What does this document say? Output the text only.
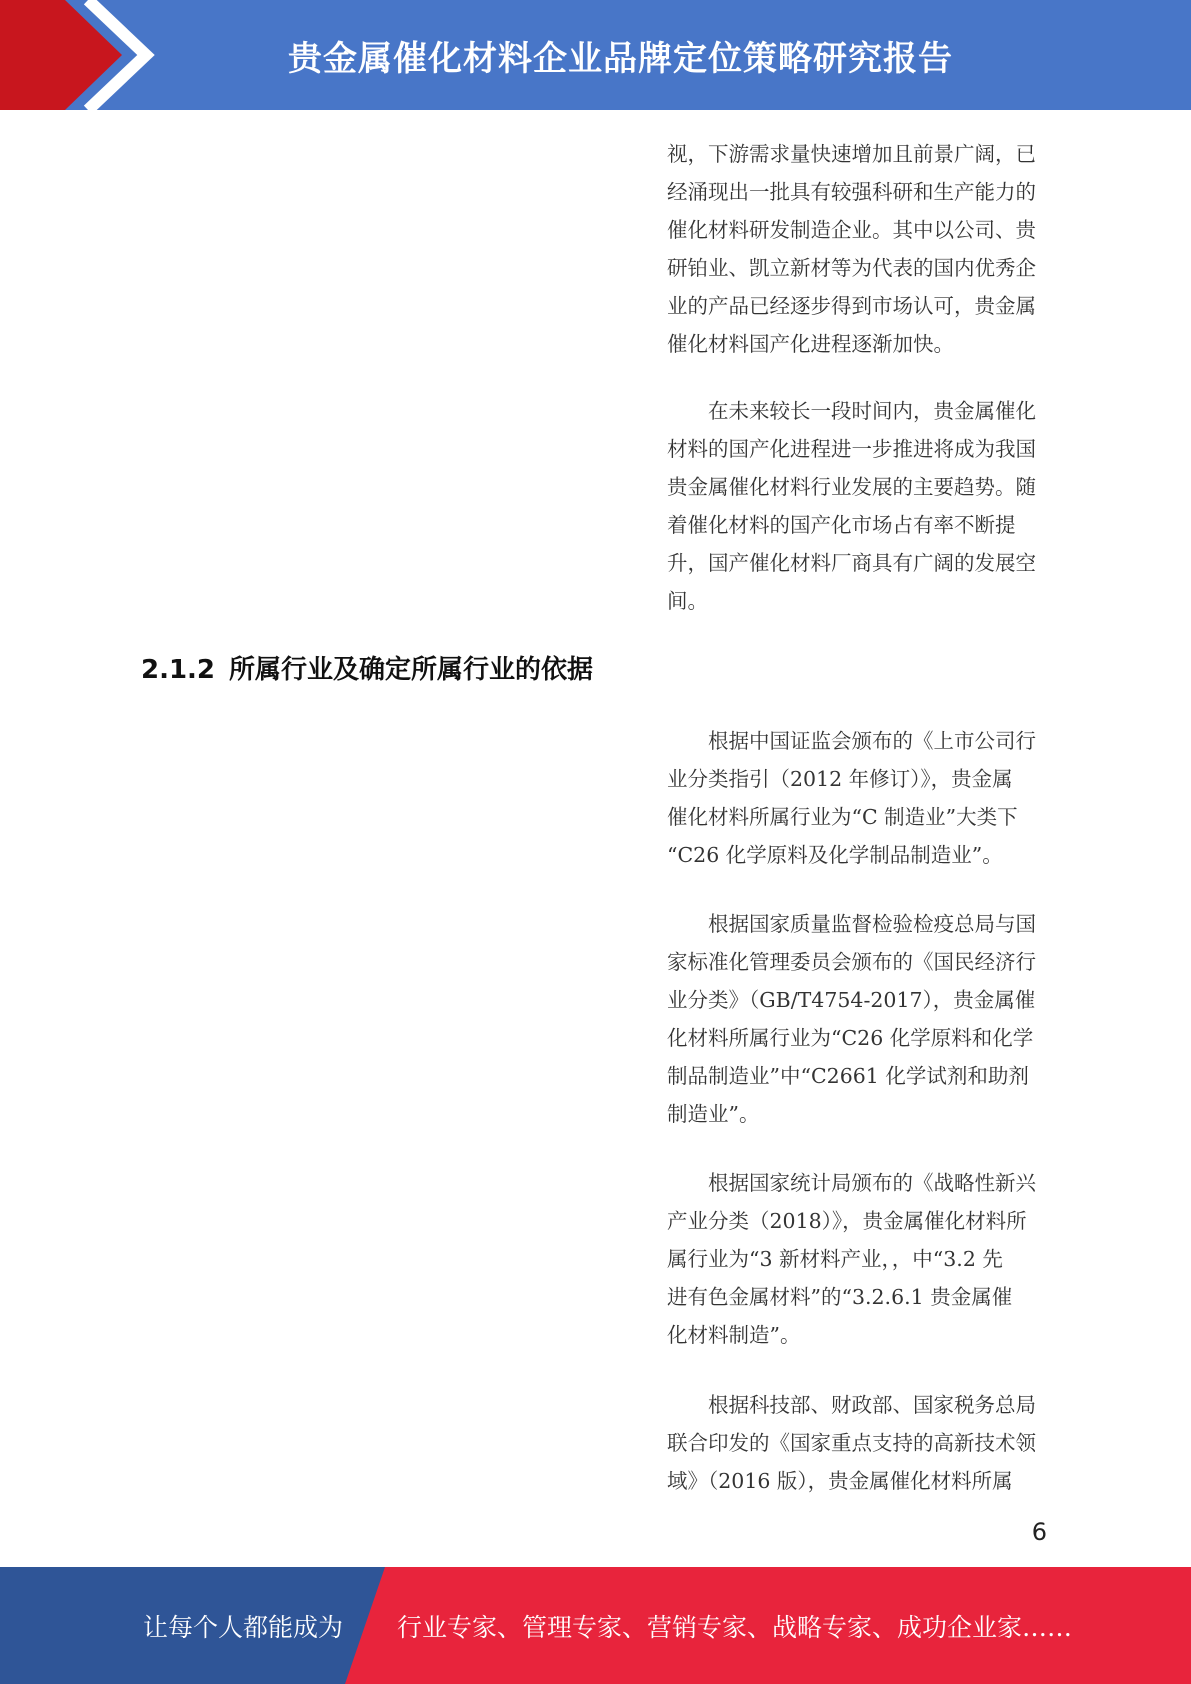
贵金属催化材料企业品牌定位策略研究报告

视，下游需求量快速增加且前景广阔，已
经涌现出一批具有较强科研和生产能力的
催化材料研发制造企业。其中以公司、贵
研铂业、凯立新材等为代表的国内优秀企
业的产品已经逐步得到市场认可，贵金属
催化材料国产化进程逐渐加快。

　　在未来较长一段时间内，贵金属催化
材料的国产化进程进一步推进将成为我国
贵金属催化材料行业发展的主要趋势。随
着催化材料的国产化市场占有率不断提
升，国产催化材料厂商具有广阔的发展空
间。

2.1.2 所属行业及确定所属行业的依据

　　根据中国证监会颁布的《上市公司行
业分类指引（2012 年修订）》，贵金属
催化材料所属行业为“C 制造业”大类下
“C26 化学原料及化学制品制造业”。

　　根据国家质量监督检验检疫总局与国
家标准化管理委员会颁布的《国民经济行
业分类》（GB/T4754-2017），贵金属催
化材料所属行业为“C26 化学原料和化学
制品制造业”中“C2661 化学试剂和助剂
制造业”。

　　根据国家统计局颁布的《战略性新兴
产业分类（2018）》，贵金属催化材料所
属行业为“3 新材料产业，，中“3.2 先
进有色金属材料”的“3.2.6.1 贵金属催
化材料制造”。

　　根据科技部、财政部、国家税务总局
联合印发的《国家重点支持的高新技术领
域》（2016 版），贵金属催化材料所属

6
让每个人都能成为 行业专家、管理专家、营销专家、战略专家、成功企业家……
